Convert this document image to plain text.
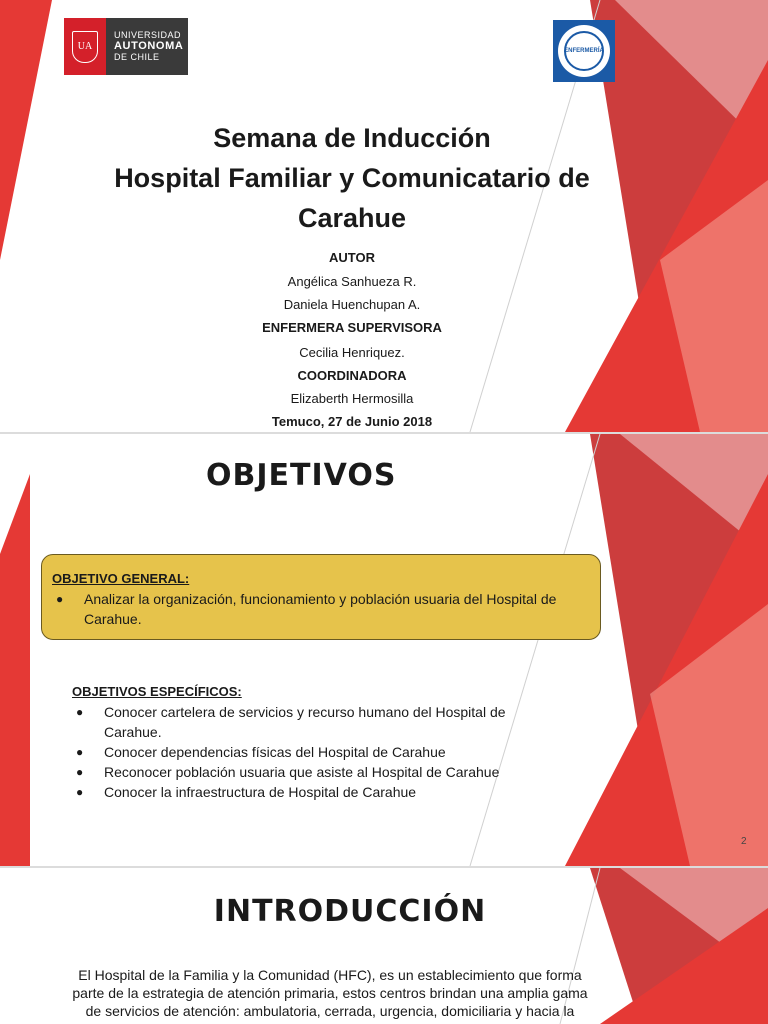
UA
UNIVERSIDAD
AUTONOMA
DE CHILE
ENFERMERÍA
Semana de Inducción
Hospital Familiar y Comunicatario de
Carahue
AUTOR
Angélica Sanhueza R.
Daniela Huenchupan A.
ENFERMERA SUPERVISORA
Cecilia Henriquez.
COORDINADORA
Elizaberth Hermosilla
Temuco, 27 de Junio 2018
OBJETIVOS
OBJETIVO GENERAL:
●	Analizar la organización, funcionamiento y población usuaria del Hospital de
Carahue.
OBJETIVOS ESPECÍFICOS:
●	Conocer cartelera de servicios y recurso humano del Hospital de
Carahue.
●	Conocer dependencias físicas del Hospital de Carahue
●	Reconocer población usuaria que asiste al Hospital de Carahue
●	Conocer la infraestructura de Hospital de Carahue
2
INTRODUCCIÓN
El Hospital de la Familia y la Comunidad (HFC), es un establecimiento que forma
parte de la estrategia de atención primaria, estos centros brindan una amplia gama
de servicios de atención: ambulatoria, cerrada, urgencia, domiciliaria y hacia la
